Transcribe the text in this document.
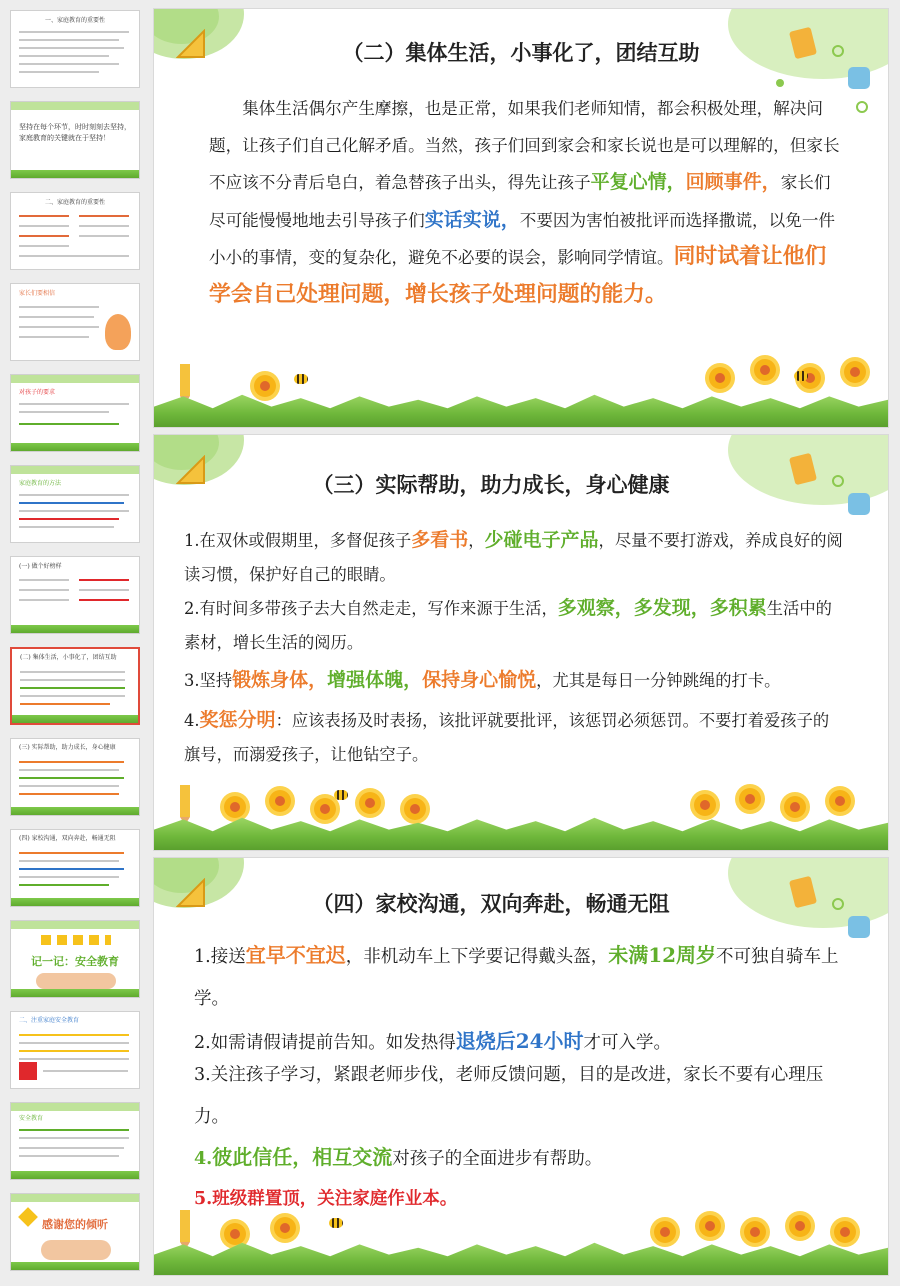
一、家庭教育的重要性
坚持在每个环节，时时刻刻去坚持，家庭教育的关键就在于坚持！
二、家庭教育的重要性
家长们要相信
对孩子的要求
家庭教育的方法
(一) 做个好榜样
(二) 集体生活，小事化了，团结互助
(三) 实际帮助，助力成长，身心健康
(四) 家校沟通，双向奔赴，畅通无阻
记一记：安全教育
二、注重家庭安全教育
安全教育
感谢您的倾听
（二）集体生活，小事化了，团结互助
集体生活偶尔产生摩擦，也是正常，如果我们老师知情，都会积极处理，解决问题，让孩子们自己化解矛盾。当然，孩子们回到家会和家长说也是可以理解的，但家长不应该不分青后皂白，着急替孩子出头，得先让孩子平复心情，回顾事件，家长们尽可能慢慢地地去引导孩子们实话实说，不要因为害怕被批评而选择撒谎，以免一件小小的事情，变的复杂化，避免不必要的误会，影响同学情谊。同时试着让他们学会自己处理问题，增长孩子处理问题的能力。
（三）实际帮助，助力成长，身心健康
1.在双休或假期里，多督促孩子多看书，少碰电子产品，尽量不要打游戏，养成良好的阅读习惯，保护好自己的眼睛。
2.有时间多带孩子去大自然走走，写作来源于生活，多观察，多发现，多积累生活中的素材，增长生活的阅历。
3.坚持锻炼身体，增强体魄，保持身心愉悦，尤其是每日一分钟跳绳的打卡。
4.奖惩分明：应该表扬及时表扬，该批评就要批评，该惩罚必须惩罚。不要打着爱孩子的旗号，而溺爱孩子，让他钻空子。
（四）家校沟通，双向奔赴，畅通无阻
1.接送宜早不宜迟，非机动车上下学要记得戴头盔，未满12周岁不可独自骑车上学。
2.如需请假请提前告知。如发热得退烧后24小时才可入学。
3.关注孩子学习，紧跟老师步伐，老师反馈问题，目的是改进，家长不要有心理压力。
4.彼此信任，相互交流对孩子的全面进步有帮助。
5.班级群置顶，关注家庭作业本。
